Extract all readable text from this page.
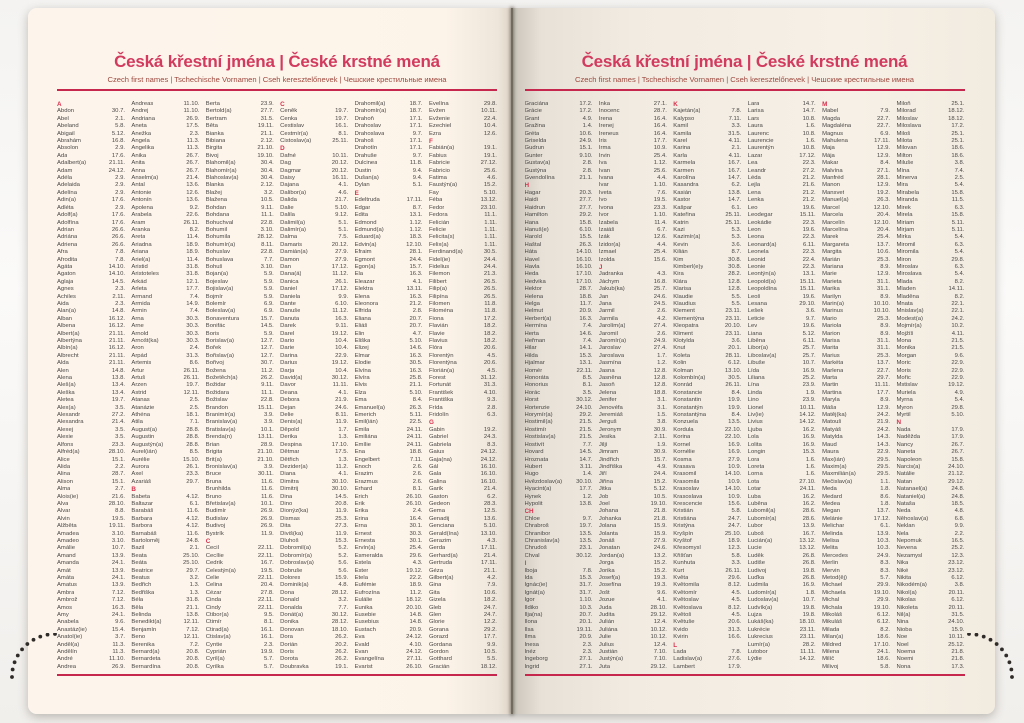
Česká křestní jména | České krstné mená
Czech first names | Tschechische Vornamen | Cseh keresztelőnevek | Чешские крестильные имена
A
Abdon	30.7.
Ábel	2.1.
Abeland	5.8.
Abigail	5.12.
Abrahám	16.8.
Absolon	2.9.
Ada	17.6.
Adalbert(a)	21.11.
Adam	24.12.
Adéla	2.9.
Adelaida	2.9.
Adelína	2.9.
Adin(a)	17.6.
Adléta	2.9.
Adolf(a)	17.6.
Adolfína	17.6.
Adrian	26.6.
Adriána	26.6.
Adriena	26.6.
Afra	7.8.
Afrodita	7.8.
Agáta	14.10.
Agaton	14.10.
Aglaja	14.5.
Agnes	2.3.
Achiles	2.11.
Aida	2.3.
Alan(a)	14.8.
Alban	16.12.
Albena	16.12.
Albert(a)	21.11.
Albertýna	21.11.
Albín(a)	16.12.
Albrecht	21.11.
Alda	21.11.
Alen	14.8.
Alena	13.8.
Aleš(a)	13.4.
Aleška	13.4.
Aletea	19.7.
Alex(a)	3.5.
Alexandr	27.2.
Alexandra	21.4.
Alexej	3.5.
Alexie	3.5.
Alfons	23.3.
Alfréd(a)	28.10.
Alice	15.1.
Alida	2.2.
Alina	28.7.
Alison	15.1.
Alma	2.7.
Alois(ie)	21.6.
Alva	28.10.
Alvar	8.8.
Alvin	19.5.
Alžběta	19.11.
Amadea	3.10.
Amadeo	3.10.
Amálie	10.7.
Amand	13.9.
Amanda	24.1.
Amát	13.9.
Amáta	24.1.
Amatus	13.9.
Ambra	7.12.
Ambrož	7.12.
Ámos	16.3.
Amy	24.1.
Anabela	9.6.
Anastáz(ie)	15.4.
Anatol(ie)	3.7.
Anděl(a)	11.3.
Andělín	11.3.
André	11.10.
Andrea	26.9.
Andreas	11.10.
Andrej	11.10.
Andriana	26.9.
Aneta	17.5.
Anežka	2.3.
Angela	11.3.
Angelika	11.3.
Anika	26.7.
Anita	26.7.
Anna	26.7.
Anselm(a)	21.4.
Antal	13.6.
Antonie	12.6.
Antonín	13.6.
Apolena	9.2.
Arabela	22.6.
Aram	26.11.
Aranka	8.2.
Areta	11.4.
Ariadna	18.9.
Ariana	18.9.
Ariel(a)	11.4.
Aristid	31.8.
Aristoteles	31.8.
Arkád	12.1.
Arleta	17.7.
Armand	7.4.
Armida	14.9.
Armin	7.4.
Arna	30.3.
Arne	30.3.
Arnold	30.3.
Arnošt(ka)	30.3.
Áron	2.4.
Arpád	31.3.
Artemis	8.6.
Artur	26.11.
Artuš	26.11.
Arzen	19.7.
Astrid	12.11.
Atanas	2.5.
Atanázie	2.5.
Athéna	18.1.
Atila	7.1.
August(a)	28.8.
Augustin	28.8.
Augustýn(a)	28.8.
Aurel(ián)	8.5.
Aurélie	15.10.
Aurora	26.1.
Axel	23.3.
Azariáš	29.7.
B
Babeta	4.12.
Baltazar	6.1.
Barabáš	11.6.
Barbara	4.12.
Barbora	4.12.
Barnabáš	11.6.
Bartoloměj	24.8.
Bazil	2.1.
Beata	25.10.
Beáta	25.10.
Beatrice	29.7.
Beatus	3.2.
Bedřich	1.3.
Bedřiška	1.3.
Béla	31.8.
Běla	21.1.
Belinda	13.8.
Benedikt(a)	12.11.
Benjamín	7.12.
Beno	12.11.
Berenika	7.2.
Bernard(a)	20.8.
Bernardeta	20.8.
Bernardína	20.8.
Berta	23.9.
Bertold(a)	27.7.
Bertram	31.5.
Běta	19.11.
Bianka	21.1.
Bibiana	2.12.
Birgita	21.10.
Bivoj	19.10.
Blahomil(a)	30.4.
Blahomír(a)	30.4.
Blahoslav(a)	30.4.
Blanka	2.12.
Blažej	3.2.
Blažena	10.5.
Bohdan	9.11.
Bohdana	11.1.
Bohuchval	22.8.
Bohumil	3.10.
Bohumila	28.12.
Bohumír(a)	8.11.
Bohuslav	22.8.
Bohuslava	7.7.
Bohuš	3.10.
Bojan(a)	5.9.
Bojeslav	5.9.
Bojislav(a)	5.9.
Bojmír	5.9.
Bolemír	6.9.
Boleslav(a)	6.9.
Bonaventura	15.7.
Bonifác	14.5.
Boris	5.9.
Borislav(a)	12.7.
Bořek	12.7.
Bořislav(a)	12.7.
Bořivoj	30.7.
Božena	11.2.
Božetěch(a)	26.2.
Božidar	9.11.
Božidara	11.1.
Božislav	22.8.
Brandon	15.11.
Branimír(a)	3.9.
Branislav(a)	3.9.
Bratislav(a)	10.1.
Brenda(n)	13.11.
Brian	28.9.
Brigita	21.10.
Brit(a)	21.10.
Bronislav(a)	3.9.
Bruce	30.11.
Bruna	11.6.
Brunhilda	11.6.
Bruno	11.6.
Břetislav(a)	10.1.
Budimír	26.9.
Budislav	26.9.
Budivoj	26.9.
Bystrík	11.9.
C
Cecil	22.11.
Cecílie	22.11.
Cedrik	16.7.
Celestýn(a)	19.5.
Celie	22.11.
Celina	20.4.
Cézar	27.8.
Cinda	22.11.
Cindy	22.11.
Ctibor(a)	9.5.
Ctimír	8.1.
Ctirad(a)	16.1.
Ctislav(a)	16.1.
Cyntie	2.3.
Cyprián	19.9.
Cyril(a)	5.7.
Cyrilka	5.7.
Č
Čeněk	19.7.
Čenka	19.7.
Čestislav	16.1.
Čestmír(a)	8.1.
Čistoslav(a)	25.11.
D
Dafné	10.11.
Dag	20.12.
Dagmar	20.12.
Daisy	16.11.
Dajana	4.1.
Dalibor(a)	4.6.
Dalida	21.7.
Dalie	5.10.
Dalila	9.12.
Dalimil(a)	5.1.
Dalimír(a)	5.1.
Dalma	7.5.
Damaris	20.12.
Damián(a)	27.9.
Damon	27.9.
Dan	17.12.
Dana(á)	11.12.
Danica	26.1.
Daniel	17.12.
Daniela	9.9.
Dante	6.10.
Danuše	11.12.
Danuta	16.3.
Darek	9.11.
Darel	19.12.
Dario	10.4.
Darie	10.4.
Darina	22.9.
Darius	19.12.
Darja	10.4.
David(a)	30.12.
Davor	11.11.
Deana	4.1.
Debora	21.9.
Dejan	24.6.
Delie	8.11.
Denis(a)	11.9.
Děpold	1.7.
Derika	1.3.
Despina	17.10.
Dětmar	17.5.
Dětřich	1.3.
Dezider(a)	11.2.
Diana	4.1.
Dimitra	30.10.
Dimitrij	30.10.
Dina	14.5.
Dino	20.8.
Dionýz(ka)	11.9.
Dismas	25.3.
Dita	27.3.
Diviš(ka)	11.9.
Dluhoš	15.3.
Dobromil(a)	5.2.
Dobromír(a)	5.2.
Dobroslav(a)	5.6.
Dobruše	5.6.
Dolores	15.9.
Dominik(a)	4.8.
Dona	28.12.
Donald	3.2.
Donalda	7.7.
Donát(a)	30.12.
Donika	28.12.
Donovan	18.10.
Dora	26.2.
Dorián	20.2.
Doris	26.2.
Dorota	26.2.
Doubravka	19.1.
Drahomil(a)	18.7.
Drahomír(a)	18.7.
Drahoň	17.1.
Drahoslav	17.1.
Drahoslava	9.7.
Drahoš	17.1.
Drahotín	17.1.
Drahuše	9.7.
Dulcinea	11.8.
Dustin	9.4.
Dušan(a)	9.4.
Dylan	5.1.
E
Edeltruda	17.11.
Edgar	8.7.
Edita	13.1.
Edmond	1.12.
Edmund(a)	1.12.
Eduard(a)	18.3.
Edvin(a)	12.10.
Efraim	28.1.
Egmont	24.4.
Egon(a)	15.7.
Ela	16.3.
Eleazar	4.1.
Elektra	13.11.
Elena	16.3.
Eleonora	21.2.
Elfrida	2.8.
Eliana	20.7.
Eliáš	20.7.
Elin	4.7.
Eliška	5.10.
Elizej	14.6.
Elmar	16.3.
Elodie	30.5.
Elvína	16.3.
Elvíra	25.8.
Elvis	21.1.
Elza	5.10.
Ema	8.4.
Emanuel(a)	26.3.
Emerich	5.11.
Emil(ián)	22.5.
Emila	24.11.
Emiliána	24.11.
Emílie	24.11.
Ena	18.8.
Engelbert	7.11.
Enoch	2.6.
Erazim	2.6.
Erazmus	2.6.
Erhard	8.1.
Erich	26.10.
Erik	26.10.
Erika	2.4.
Erina	16.4.
Erna	30.1.
Ernest	30.3.
Ernesta	30.1.
Ervín(a)	25.4.
Esmeralda	29.6.
Estela	4.3.
Ester	19.12.
Etela	22.2.
Eufémie	18.9.
Eufrozína	11.2.
Eulálie	18.12.
Eunika	20.10.
Eusebie	14.8.
Eusebius	14.8.
Eustach	20.9.
Eva	24.12.
Evald	4.10.
Evan	24.12.
Evangelína	27.11.
Evarist	26.10.
Evelína	29.8.
Evžen	10.11.
Evženie	22.4.
Ezechiel	10.4.
Ezra	12.6.
F
Fabián(a)	19.1.
Fabius	19.1.
Fabricie	27.12.
Fabricio	25.6.
Fatima	4.6.
Faustýn(a)	15.2.
Fay	5.10.
Féba	13.12.
Fedor	23.10.
Fedora	11.1.
Felicián	1.11.
Felicie	1.11.
Felicita(s)	1.11.
Felix(a)	1.11.
Ferdinand(a)	30.5.
Fidel(ie)	24.4.
Fidelius	24.4.
Filemon	21.3.
Filibert	26.5.
Filip(a)	26.5.
Filipína	26.5.
Filomen	11.8.
Filoména	11.8.
Fiona	17.2.
Flavián	18.2.
Flavie	18.2.
Flavius	18.2.
Flóra	20.6.
Florentýn	4.5.
Florentýna	20.6.
Florián(a)	4.5.
Forest	31.12.
Fortunát	31.3.
František	4.10.
Františka	9.3.
Frída	2.8.
Fridolín	6.3.
G
Gabin	19.2.
Gabriel	24.3.
Gabriela	8.3.
Gaius	24.12.
Gaja(na)	24.12.
Gál	16.10.
Gala	16.10.
Galina	16.10.
Garik	21.4.
Gaston	6.2.
Gedeon	28.3.
Gema	12.5.
Genadij	13.6.
Genciana	5.10.
Gerald(ína)	13.10.
Gerazim	4.3.
Gerda	17.11.
Gerhard(a)	21.4.
Gertruda	17.11.
Géza	21.1.
Gilbert(a)	4.2.
Gina	7.9.
Gita	10.6.
Gizela	18.2.
Gleb	24.7.
Glen	24.7.
Glorie	12.2.
Gorana	29.2.
Gorazd	17.7.
Gordana	9.9.
Gordon	10.5.
Gotthard	5.5.
Gracián	18.12.
Česká křestní jména | České krstné mená
Czech first names | Tschechische Vornamen | Cseh keresztelőnevek | Чешские крестильные имена
Graciána	17.2.
Grácie	17.2.
Grant	4.9.
Gražina	1.4.
Gréta	10.6.
Griselda	24.9.
Gudrun	15.1.
Gunter	9.10.
Gustav(a)	2.8.
Gustýna	2.8.
Gvendolína	21.1.
H
Hagar	20.3.
Haidi	27.7.
Haidrun	27.7.
Hamilton	29.2.
Hana	15.8.
Hanuš(e)	6.10.
Harold	15.5.
Haštal	26.3.
Háta	14.10.
Havel	16.10.
Havla	16.10.
Heda	17.10.
Hedvika	17.10.
Hektor	28.7.
Helena	18.8.
Helga	11.7.
Helmut	20.9.
Herbert(a)	16.3.
Hermína	7.4.
Herta	14.6.
Heřman	7.4.
Hilar	14.1.
Hilda	15.3.
Hjalmar	13.1.
Homér	22.11.
Honoráta	8.5.
Honorius	8.1.
Horác	3.5.
Horst	30.12.
Hortenzie	24.10.
Horymír(a)	29.2.
Hostimil(a)	21.5.
Hostimír	21.5.
Hostislav(a)	21.5.
Hostivít	7.7.
Hovard	14.5.
Hroznata	14.7.
Hubert	3.11.
Hugo	1.4.
Hvězdoslav(a) 30.10.
Hyacint(a)	17.7.
Hynek	1.2.
Hypolit	13.8.
CH
Chloe	9.7.
Chrabroš	19.7.
Chranibor	13.5.
Chranislav(a)	13.5.
Chrudoš	23.1.
Chval	30.12.
I
Iboja	7.8.
Ida	15.3.
Ignác(ie)	31.7.
Ignát(a)	31.7.
Igor	1.10.
Ildiko	10.3.
Ilja(na)	20.7.
Ilona	20.1.
Ilsa	19.11.
Ilma	20.9.
Inesa	2.3.
Inéz	2.3.
Ingeborg	27.1.
Ingrid	27.1.
Inka	27.1.
Inocenc	28.7.
Irena	16.4.
Irenej	16.4.
Ireneus	16.4.
Iris	17.7.
Irma	10.9.
Irvin	25.4.
Iva	1.12.
Ivan	25.6.
Ivana	4.4.
Ivar	1.10.
Iveta	7.6.
Ivo	19.5.
Ivona	23.3.
Ivor	1.10.
Izabela	11.4.
Izaiáš	6.7.
Izák	12.6.
Izidor(a)	4.4.
Izmael	25.4.
Izolda	15.6.
J
Jadranka	4.3.
Jáchym	16.8.
Jakub(ka)	25.7.
Jan	24.6.
Jana	24.5.
Jarmil	2.6.
Jarmila	4.2.
Jarolím(a)	27.4.
Jaromil	2.6.
Jaromír(a)	24.9.
Jaroslav	27.4.
Jaroslava	1.7.
Jasmína	1.2.
Jasna	12.8.
Jasněna	12.8.
Jasoň	12.8.
Jelena	18.8.
Jenifer	3.1.
Jenovéfa	3.1.
Jeremiáš	1.5.
Jerguš	3.8.
Jeronym	30.9.
Jesika	2.11.
Jiljí	1.9.
Jimram	30.9.
Jindřich	15.7.
Jindřiška	4.9.
Jiří	24.4.
Jiřina	15.2.
Jitka	5.12.
Job	10.5.
Joel	19.10.
Johana	21.8.
Johanka	21.8.
Jolana	15.9.
Jolanta	15.9.
Jonáš	27.9.
Jonatan	24.6.
Jordan(a)	13.2.
Jorga	15.2.
Jorika	15.2.
Josef(a)	19.3.
Josefína	19.3.
Jošt	9.6.
Jozue	4.1.
Juda	28.10.
Judita	29.12.
Julián	12.4.
Juliána	10.12.
Julie	10.12.
Julius	12.4.
Justián	7.10.
Justýn(a)	7.10.
Juta	29.12.
K
Kajetán(a)	7.8.
Kalypso	7.11.
Kamil	3.3.
Kamila	31.5.
Karel	4.11.
Karina	2.1.
Karla	4.11.
Karmela	16.7.
Karmen	16.7.
Karolína	14.7.
Kasandra	6.2.
Kasián	13.8.
Kastor	14.7.
Kašpar	6.1.
Kateřina	25.11.
Katrin	25.11.
Kazi	5.3.
Kazimír(a)	5.3.
Kevin	3.6.
Kilián	8.7.
Kim	30.8.
Kimberl(e)y	30.8.
Kira	28.2.
Klára	12.8.
Klarisa	12.8.
Klaudie	5.5.
Klaudius	5.5.
Klement	23.11.
Klementýna	23.11.
Kleopatra	20.10.
Kliment	23.11.
Klotylda	3.6.
Knut	20.1.
Koleta	28.11.
Kolin	6.12.
Kolman	13.10.
Kolombín(a)	30.5.
Konrád	26.11.
Konstancie	8.4.
Konstantin	19.9.
Konstantýn	19.9.
Konstantýna	8.4.
Konzuela	13.5.
Kordula	22.10.
Korina	22.10.
Kornel	16.9.
Kornélie	16.9.
Kosma	27.9.
Krasava	10.9.
Krasomil	14.10.
Krasomila	10.9.
Krasoslav	14.10.
Krasoslava	10.9.
Krescencie	15.6.
Kristián	5.8.
Kristiána	24.7.
Kristýna	24.7.
Kryšpín	25.10.
Kryštof	18.9.
Křesomysl	12.3.
Křišťan	5.8.
Kunhuta	3.3.
Kurt	26.11.
Květa	29.6.
Květomila	8.12.
Květomír	4.5.
Květoslav	4.5.
Květoslava	8.12.
Květoš	4.5.
Květuše	20.6.
Kvido	31.3.
Kvirin	16.6.
L
Lada	7.8.
Ladislav(a)	27.6.
Lambert	17.9.
Lara	14.7.
Larisa	14.7.
Lars	10.8.
Laura	1.6.
Laurenc	10.8.
Laurencie	1.6.
Laurentýn	10.8.
Lazar	17.12.
Lea	22.3.
Leandr	27.2.
Léda	21.2.
Lejla	21.6.
Lena	21.2.
Lenka	21.2.
Leo	19.6.
Leodegar	15.11.
Leokádie	22.3.
Leon	19.6.
Leona	22.3.
Leonard(a)	6.11.
Leonela	22.3.
Leonid	22.4.
Leonie	22.3.
Leontýn(a)	13.1.
Leopold(a)	15.11.
Leopoldína	15.11.
Leoš	19.6.
Lesana	29.10.
Lešek	3.6.
Leticie	9.7.
Lev	19.6.
Liana	5.12.
Liběna	6.11.
Libor(a)	25.7.
Liboslav(a)	25.7.
Libuše	10.7.
Lída	16.9.
Liliana	25.2.
Lína	23.9.
Linda	1.9.
Lino	23.9.
Lionel	10.11.
Liv(ie)	14.12.
Livius	14.12.
Ljuba	16.2.
Lola	16.9.
Lolita	16.9.
Longin	15.3.
Lora	1.6.
Loreta	1.6.
Lorna	1.6.
Lota	27.10.
Lotar	24.11.
Luba	16.2.
Luběna	16.2.
Lubomil(a)	28.6.
Lubomír(a)	28.6.
Lubor	13.9.
Luboš	16.7.
Lucián(a)	13.12.
Lucie	13.12.
Luděk	26.8.
Ludiše	26.8.
Ludivoj	19.8.
Luďka	26.8.
Ludmila	16.9.
Ludomír(a)	1.8.
Ludoslav(a)	10.7.
Ludvík(a)	19.8.
Lujza	19.8.
Lukáš(ka)	18.10.
Lukrécie	23.11.
Lukrecius	23.11.
Lumír(a)	28.2.
Lutobor	11.11.
Lýdie	14.12.
M
Mabel	7.9.
Magda	22.7.
Magdaléna	22.7.
Magnus	6.9.
Mahulena	17.11.
Maja	12.9.
Mája	12.9.
Makar	8.4.
Malvína	27.1.
Manfréd	28.1.
Manon	12.9.
Mansvet	19.2.
Manuel(a)	26.3.
Marcel	12.10.
Marcela	20.4.
Marcelín	12.10.
Marcelína	20.4.
Marek	25.4.
Margareta	13.7.
Margita	10.6.
Marián	25.3.
Mariana	8.9.
Marie	12.9.
Marieta	31.1.
Marika	31.1.
Marilyn	8.9.
Marin(a)	10.10.
Marinus	10.10.
Mario	25.3.
Mariola	8.9.
Marion	8.9.
Marisa	31.1.
Marita	31.1.
Marius	25.3.
Markéta	13.7.
Marlena	22.7.
Marta	29.7.
Martin	11.11.
Martina	17.7.
Maryla	8.9.
Máša	12.9.
Matěj(ka)	24.2.
Matouš	21.9.
Matyáš	24.2.
Matylda	14.3.
Maud	14.3.
Maura	22.9.
Max(ián)	29.5.
Maxim(a)	29.5.
Maxmilián(a)	29.5.
Mečislav(a)	1.1.
Meda	1.8.
Medard	8.6.
Medea	1.8.
Megan	13.7.
Melánie	17.12.
Melichar	6.1.
Melinda	13.9.
Melisa	10.3.
Melita	10.3.
Mercedes	24.9.
Merlin	8.3.
Mervin	8.3.
Metod(ěj)	5.7.
Michael	29.9.
Michaela	19.10.
Michal	29.9.
Michala	19.10.
Mikoláš	6.12.
Mikuláš	6.12.
Milada	8.2.
Milan(a)	18.6.
Mildred	17.10.
Milena	24.1.
Milíč	18.6.
Milivoj	5.8.
Miloň	25.1.
Milorad	18.12.
Miloslav	18.12.
Miloslava	17.2.
Miloš	25.1.
Milota	25.1.
Milovan	18.6.
Milton	18.6.
Miluše	3.8.
Mína	7.4.
Minerva	2.5.
Mira	5.4.
Mirabela	15.8.
Miranda	11.5.
Mirek	6.3.
Mirela	15.8.
Miriam	5.11.
Mirjam	5.11.
Mirka	5.4.
Miromil	6.3.
Miromila	5.4.
Miron	29.8.
Miroslav	6.3.
Miroslava	5.4.
Mlada	8.2.
Mladen	14.11.
Mladěna	8.2.
Mnata	22.1.
Mnislav(a)	22.1.
Modest(a)	24.2.
Mojmír(a)	10.2.
Mojžíš	4.11.
Mona	21.5.
Monika	21.5.
Morgan	9.6.
Moric	22.9.
Moris	22.9.
Mořic	22.9.
Mstislav	19.12.
Muriela	4.9.
Myrna	5.4.
Myron	29.8.
Myrtil	5.10.
N
Nada	17.9.
Naděžda	17.9.
Nancy	26.7.
Naneta	26.7.
Napoleon	15.8.
Narcis(a)	24.10.
Natálie	21.12.
Natan	29.12.
Natanael(a)	24.8.
Nataniel(a)	24.8.
Nataša	18.5.
Neda	4.8.
Něhoslav(a)	6.8.
Neklan	9.9.
Nela	2.2.
Nepomuk	16.5.
Nevena	25.2.
Nezamysl	12.3.
Nika	23.12.
Niké	23.12.
Nikita	6.12.
Nikodém(a)	3.8.
Nikol(a)	20.11.
Nikolas	6.12.
Nikoleta	20.11.
Nil(a)	31.5.
Nina	24.10.
Nioba	15.9.
Noe	10.11.
Noel	25.12.
Noema	21.8.
Noemi	21.8.
Nona	17.3.
